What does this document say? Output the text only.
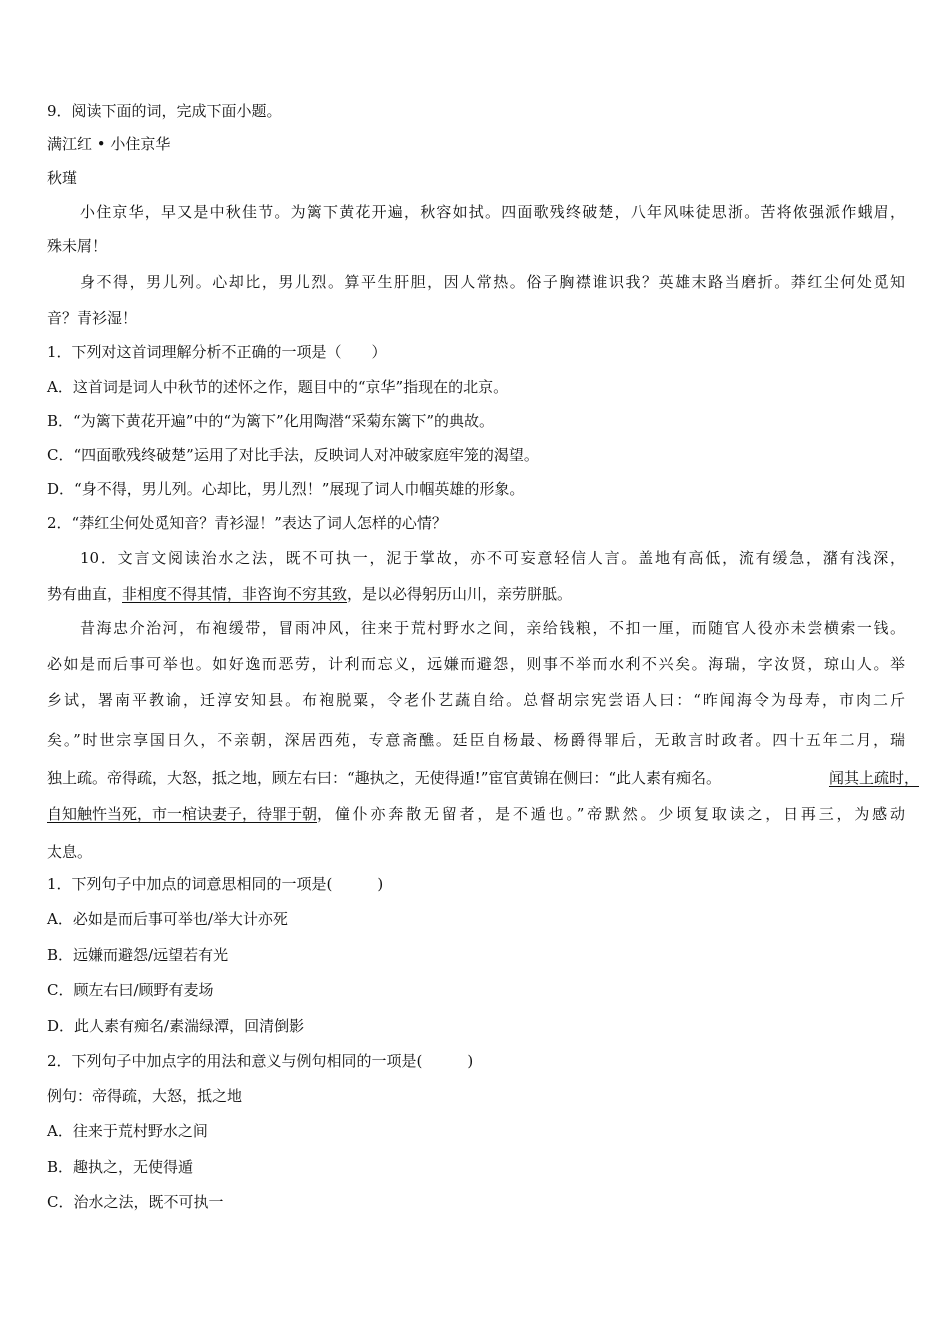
9．阅读下面的词，完成下面小题。
满江红 • 小住京华
秋瑾
小住京华，早又是中秋佳节。为篱下黄花开遍，秋容如拭。四面歌残终破楚，八年风味徒思浙。苦将侬强派作蛾眉，
殊未屑！
身不得，男儿列。心却比，男儿烈。算平生肝胆，因人常热。俗子胸襟谁识我？英雄末路当磨折。莽红尘何处觅知
音？青衫湿！
1．下列对这首词理解分析不正确的一项是（　　）
A．这首词是词人中秋节的述怀之作，题目中的“京华”指现在的北京。
B．“为篱下黄花开遍”中的“为篱下”化用陶潜“采菊东篱下”的典故。
C．“四面歌残终破楚”运用了对比手法，反映词人对冲破家庭牢笼的渴望。
D．“身不得，男儿列。心却比，男儿烈！”展现了词人巾帼英雄的形象。
2．“莽红尘何处觅知音？青衫湿！”表达了词人怎样的心情？
10．文言文阅读治水之法，既不可执一，泥于掌故，亦不可妄意轻信人言。盖地有高低，流有缓急，潴有浅深，
势有曲直，非相度不得其情，非咨询不穷其致，是以必得躬历山川，亲劳胼胝。
昔海忠介治河，布袍缓带，冒雨冲风，往来于荒村野水之间，亲给钱粮，不扣一厘，而随官人役亦未尝横索一钱。
必如是而后事可举也。如好逸而恶劳，计利而忘义，远嫌而避怨，则事不举而水利不兴矣。海瑞，字汝贤，琼山人。举
乡试，署南平教谕，迁淳安知县。布袍脱粟，令老仆艺蔬自给。总督胡宗宪尝语人曰：“昨闻海令为母寿，市肉二斤
矣。”时世宗享国日久，不亲朝，深居西苑，专意斋醮。廷臣自杨最、杨爵得罪后，无敢言时政者。四十五年二月，瑞
独上疏。帝得疏，大怒，抵之地，顾左右曰：“趣执之，无使得遁!”宦官黄锦在侧曰：“此人素有痴名。	闻其上疏时，
自知触忤当死，市一棺诀妻子，待罪于朝 ，僮仆亦奔散无留者，是不遁也。”帝默然。少顷复取读之，日再三，为感动
太息。
1．下列句子中加点的词意思相同的一项是(　　　)
A．必如是而后事可举也/举大计亦死
B．远嫌而避怨/远望若有光
C．顾左右曰/顾野有麦场
D．此人素有痴名/素湍绿潭，回清倒影
2．下列句子中加点字的用法和意义与例句相同的一项是(　　　)
例句：帝得疏，大怒，抵之地
A．往来于荒村野水之间
B．趣执之，无使得遁
C．治水之法，既不可执一
